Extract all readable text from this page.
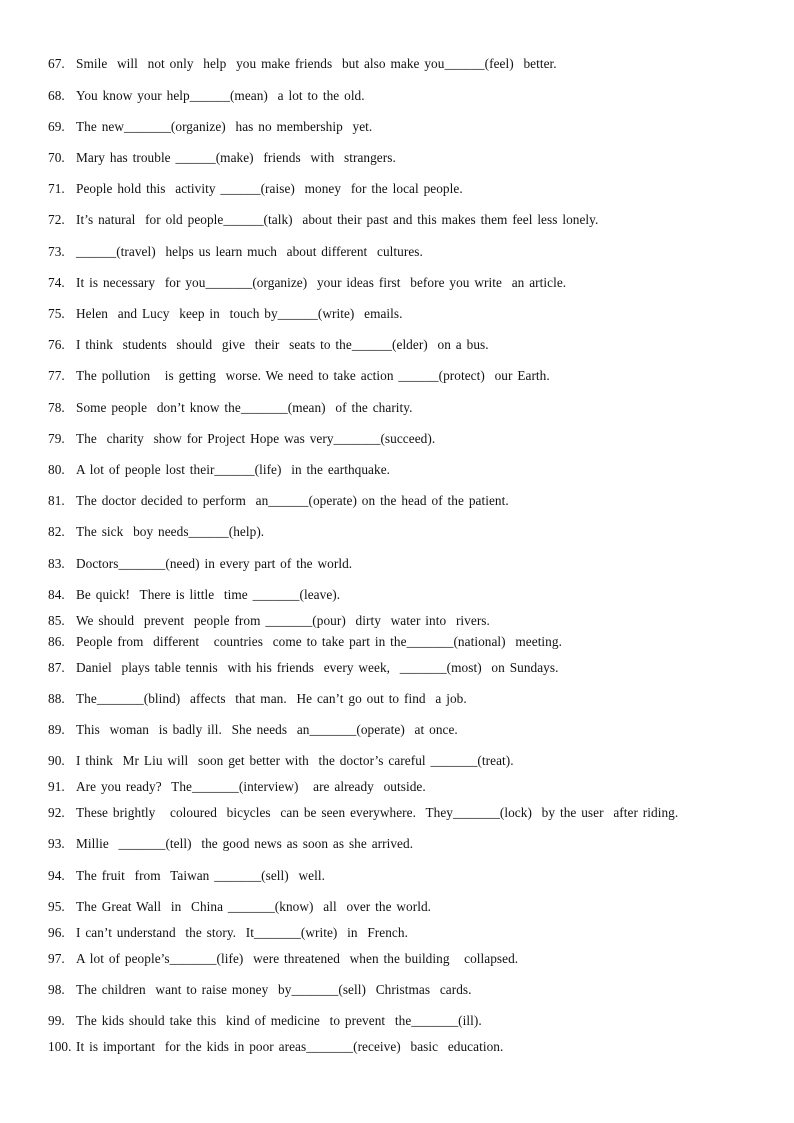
67. Smile  will  not only  help  you make friends  but also make you______(feel)  better.
68. You know your help______(mean)  a lot to the old.
69. The new_______(organize)  has no membership  yet.
70. Mary has trouble ______(make)  friends  with  strangers.
71. People hold this  activity ______(raise)  money  for the local people.
72. It’s natural  for old people______(talk)  about their past and this makes them feel less lonely.
73. ______(travel)  helps us learn much  about different  cultures.
74. It is necessary  for you_______(organize)  your ideas first  before you write  an article.
75. Helen  and Lucy  keep in  touch by______(write)  emails.
76. I think  students  should  give  their  seats to the______(elder)  on a bus.
77. The pollution   is getting  worse. We need to take action ______(protect)  our Earth.
78. Some people  don’t know the_______(mean)  of the charity.
79. The  charity  show for Project Hope was very_______(succeed).
80. A lot of people lost their______(life)  in the earthquake.
81. The doctor decided to perform  an______(operate) on the head of the patient.
82. The sick  boy needs______(help).
83. Doctors_______(need) in every part of the world.
84. Be quick!  There is little  time _______(leave).
85. We should  prevent  people from _______(pour)  dirty  water into  rivers.
86. People from  different   countries  come to take part in the_______(national)  meeting.
87. Daniel  plays table tennis  with his friends  every week,  _______(most)  on Sundays.
88. The_______(blind)  affects  that man.  He can’t go out to find  a job.
89. This  woman  is badly ill.  She needs  an_______(operate)  at once.
90. I think  Mr Liu will  soon get better with  the doctor’s careful _______(treat).
91. Are you ready?  The_______(interview)   are already  outside.
92. These brightly   coloured  bicycles  can be seen everywhere.  They_______(lock)  by the user  after riding.
93. Millie  _______(tell)  the good news as soon as she arrived.
94. The fruit  from  Taiwan _______(sell)  well.
95. The Great Wall  in  China _______(know)  all  over the world.
96. I can’t understand  the story.  It_______(write)  in  French.
97. A lot of people’s_______(life)  were threatened  when the building   collapsed.
98. The children  want to raise money  by_______(sell)  Christmas  cards.
99. The kids should take this  kind of medicine  to prevent  the_______(ill).
100. It is important  for the kids in poor areas_______(receive)  basic  education.
